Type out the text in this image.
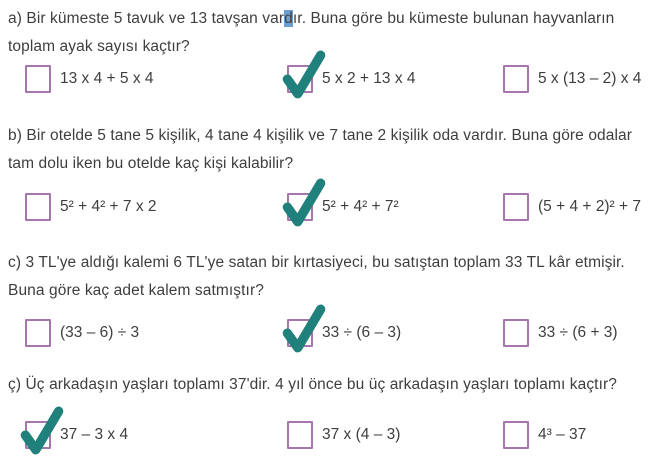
a) Bir kümeste 5 tavuk ve 13 tavşan vardır. Buna göre bu kümeste bulunan hayvanların toplam ayak sayısı kaçtır?

13 x 4 + 5 x 4	5 x 2 + 13 x 4	5 x (13 – 2) x 4

b) Bir otelde 5 tane 5 kişilik, 4 tane 4 kişilik ve 7 tane 2 kişilik oda vardır. Buna göre odalar tam dolu iken bu otelde kaç kişi kalabilir?

5² + 4² + 7 x 2	5² + 4² + 7²	(5 + 4 + 2)² + 7

c) 3 TL'ye aldığı kalemi 6 TL'ye satan bir kırtasiyeci, bu satıştan toplam 33 TL kâr etmişir. Buna göre kaç adet kalem satmıştır?

(33 – 6) ÷ 3	33 ÷ (6 – 3)	33 ÷ (6 + 3)

ç) Üç arkadaşın yaşları toplamı 37'dir. 4 yıl önce bu üç arkadaşın yaşları toplamı kaçtır?

37 – 3 x 4	37 x (4 – 3)	4³ – 37
